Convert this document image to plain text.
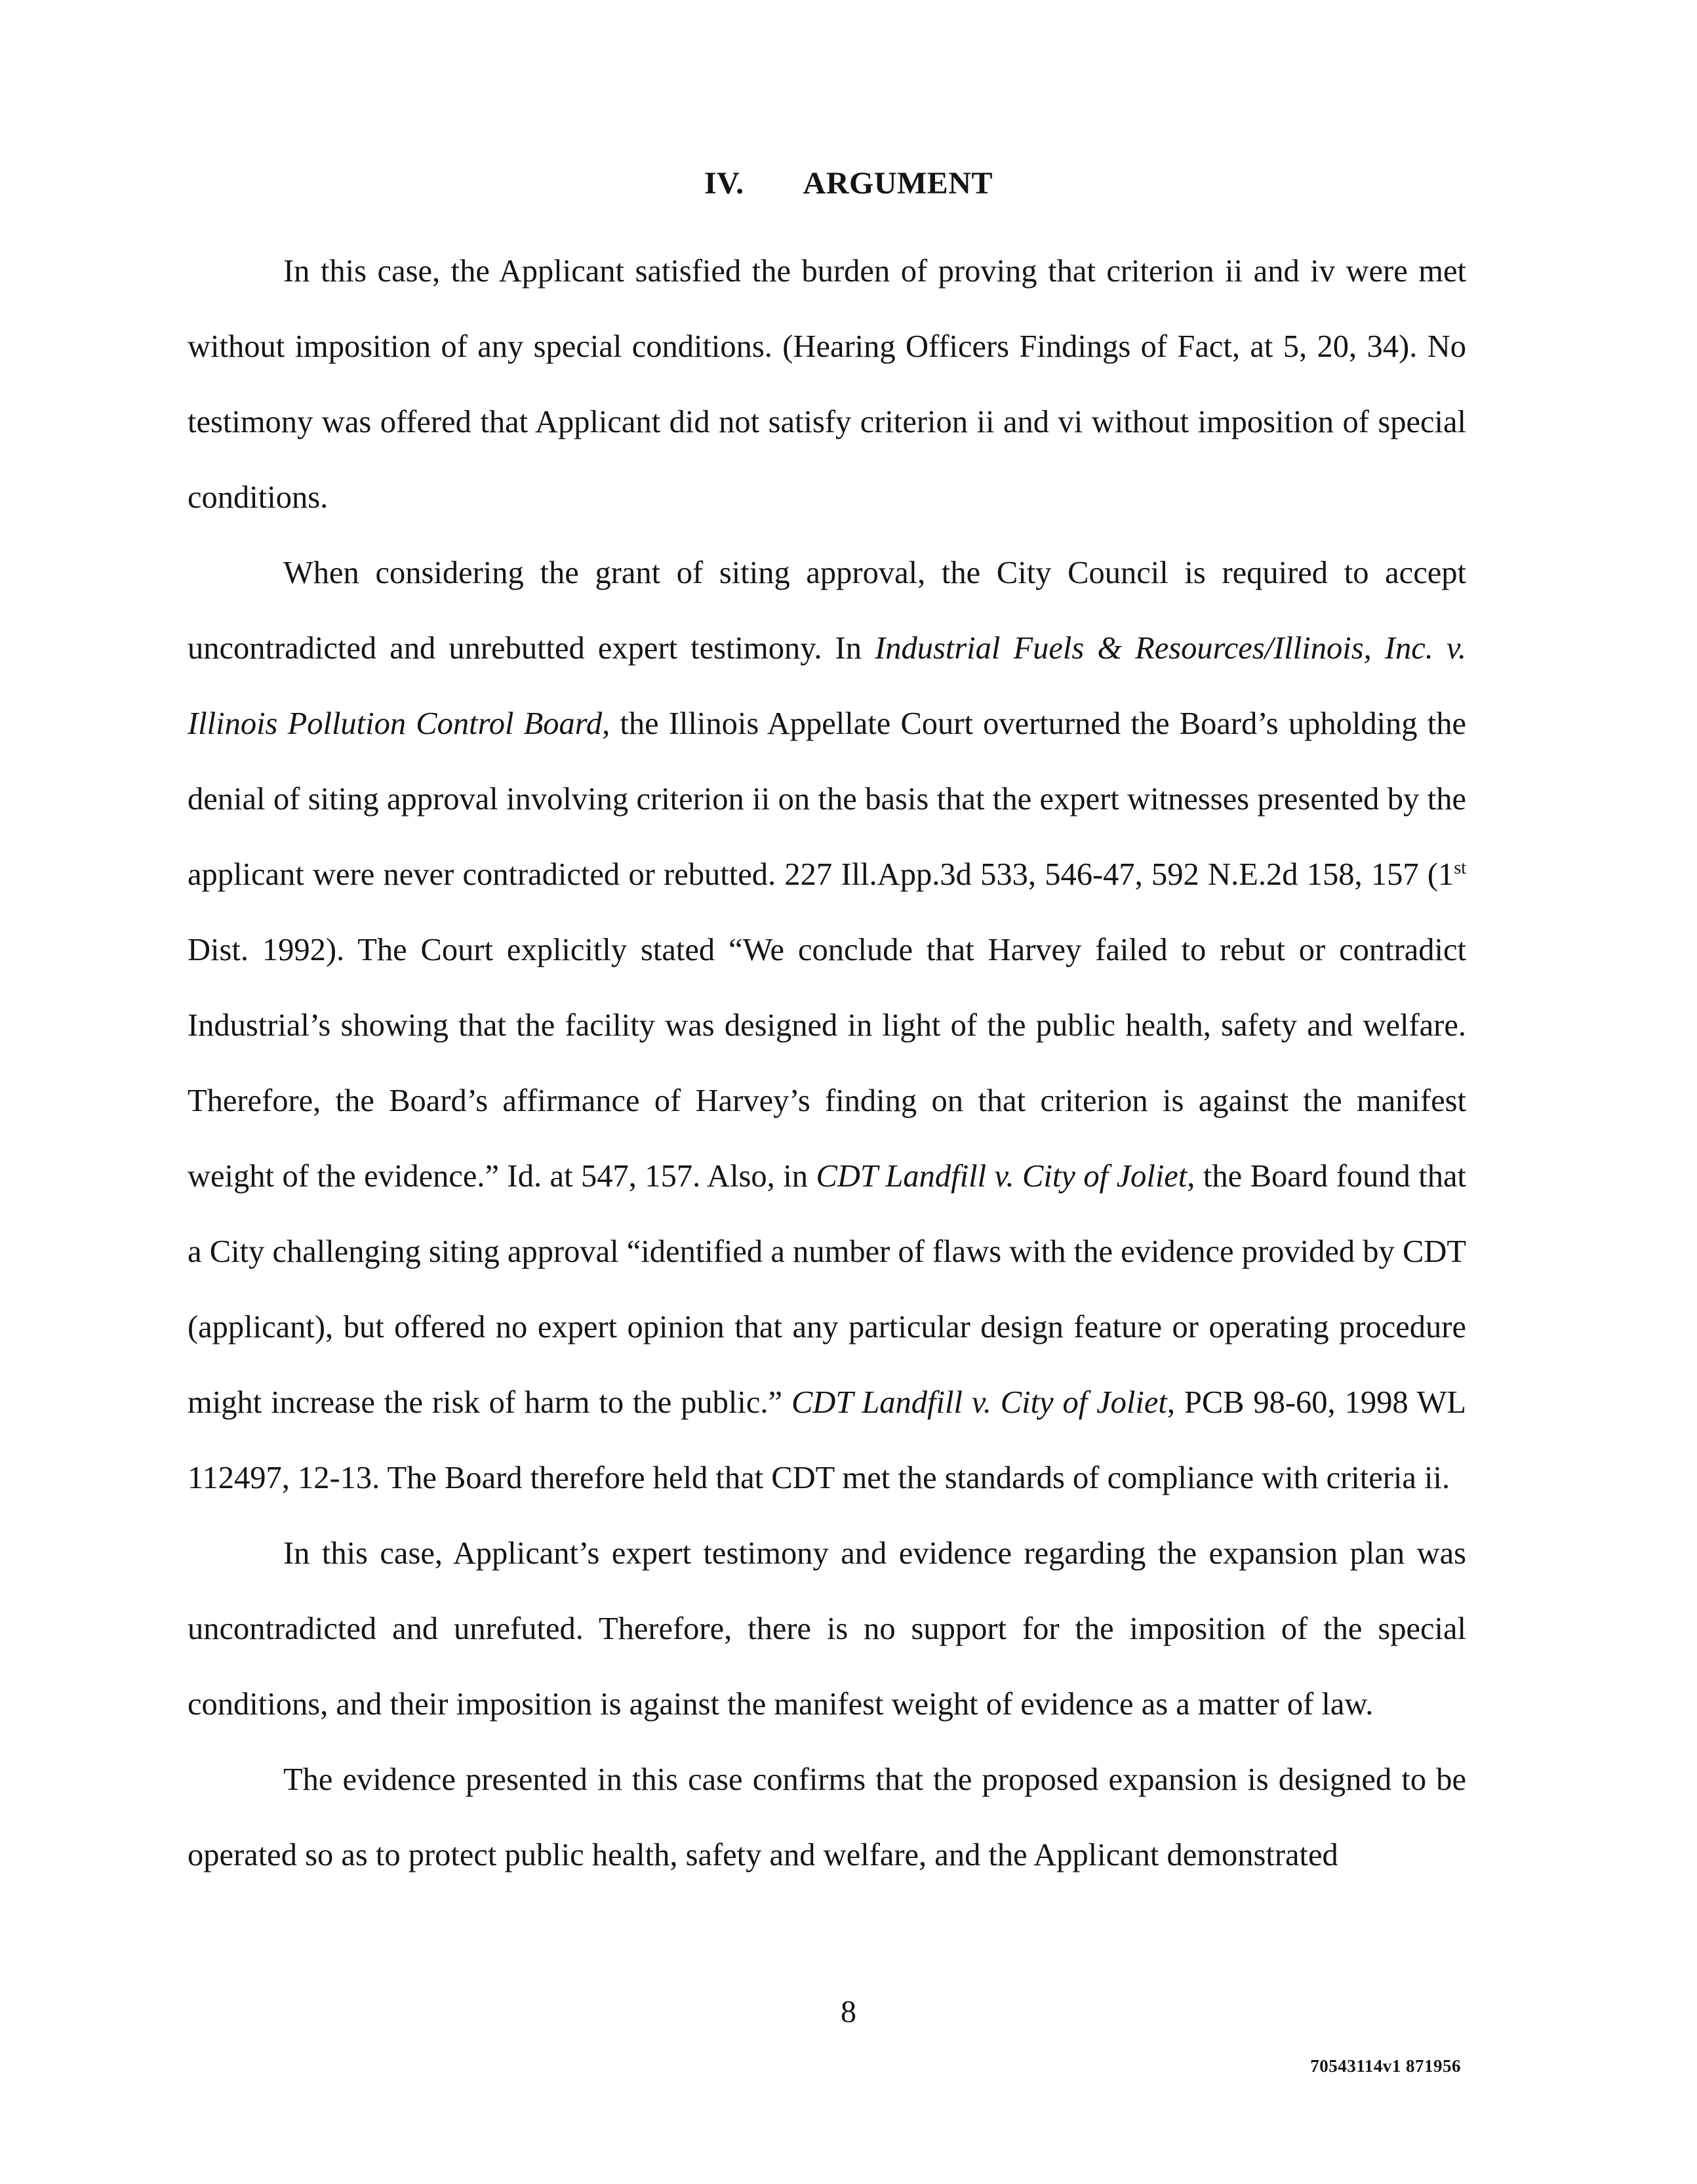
IV. ARGUMENT

In this case, the Applicant satisfied the burden of proving that criterion ii and iv were met without imposition of any special conditions. (Hearing Officers Findings of Fact, at 5, 20, 34). No testimony was offered that Applicant did not satisfy criterion ii and vi without imposition of special conditions.

When considering the grant of siting approval, the City Council is required to accept uncontradicted and unrebutted expert testimony. In Industrial Fuels & Resources/Illinois, Inc. v. Illinois Pollution Control Board, the Illinois Appellate Court overturned the Board’s upholding the denial of siting approval involving criterion ii on the basis that the expert witnesses presented by the applicant were never contradicted or rebutted. 227 Ill.App.3d 533, 546-47, 592 N.E.2d 158, 157 (1st Dist. 1992). The Court explicitly stated “We conclude that Harvey failed to rebut or contradict Industrial’s showing that the facility was designed in light of the public health, safety and welfare. Therefore, the Board’s affirmance of Harvey’s finding on that criterion is against the manifest weight of the evidence.” Id. at 547, 157. Also, in CDT Landfill v. City of Joliet, the Board found that a City challenging siting approval “identified a number of flaws with the evidence provided by CDT (applicant), but offered no expert opinion that any particular design feature or operating procedure might increase the risk of harm to the public.” CDT Landfill v. City of Joliet, PCB 98-60, 1998 WL 112497, 12-13. The Board therefore held that CDT met the standards of compliance with criteria ii.

In this case, Applicant’s expert testimony and evidence regarding the expansion plan was uncontradicted and unrefuted. Therefore, there is no support for the imposition of the special conditions, and their imposition is against the manifest weight of evidence as a matter of law.

The evidence presented in this case confirms that the proposed expansion is designed to be operated so as to protect public health, safety and welfare, and the Applicant demonstrated

8
70543114v1 871956
